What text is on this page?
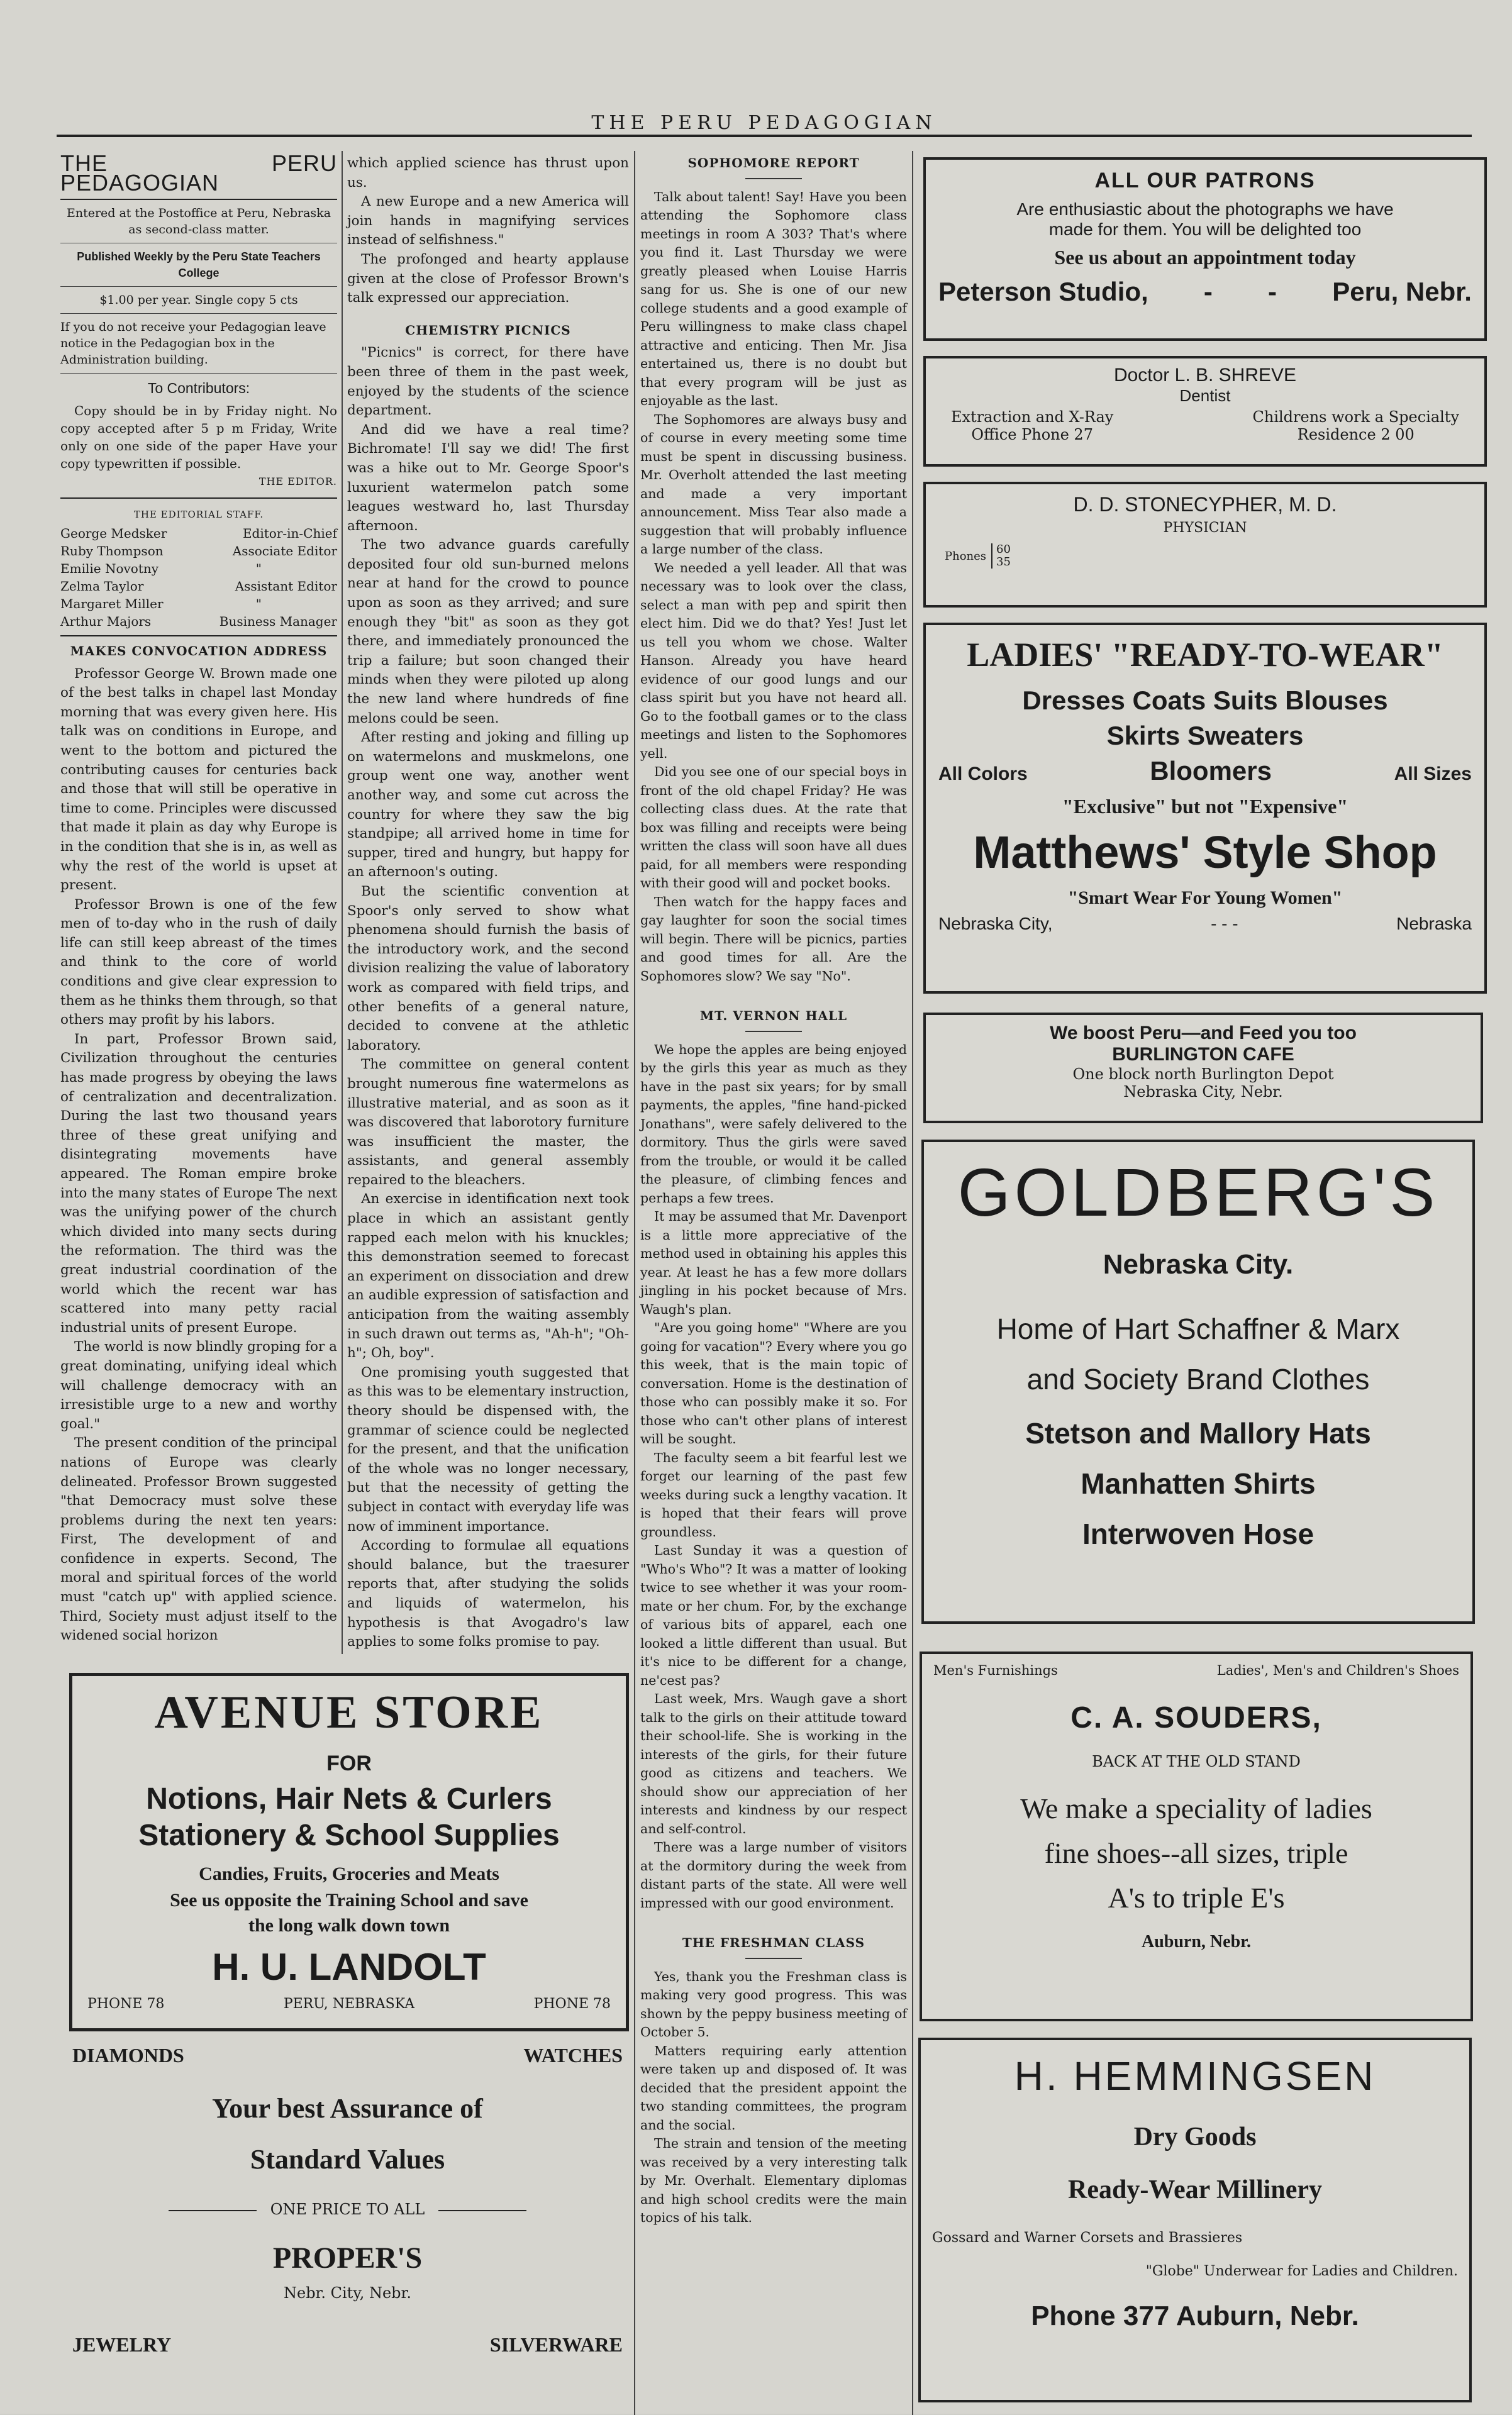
THE PERU PEDAGOGIAN
THE PERU PEDAGOGIAN
Entered at the Postoffice at Peru, Nebraska as second-class matter.
Published Weekly by the Peru State Teachers College
$1.00 per year. Single copy 5 cts
If you do not receive your Pedagogian leave notice in the Pedagogian box in the Administration building.
To Contributors:

Copy should be in by Friday night. No copy accepted after 5 p m Friday, Write only on one side of the paper Have your copy typewritten if possible.

THE EDITOR.
THE EDITORIAL STAFF.
George Medsker	Editor-in-Chief
Ruby Thompson	Associate Editor
Emilie Novotny	"
Zelma Taylor	Assistant Editor
Margaret Miller	"
Arthur Majors	Business Manager
MAKES CONVOCATION ADDRESS

Professor George W. Brown made one of the best talks in chapel last Monday morning that was every given here. His talk was on conditions in Europe, and went to the bottom and pictured the contributing causes for centuries back and those that will still be operative in time to come. Principles were discussed that made it plain as day why Europe is in the condition that she is in, as well as why the rest of the world is upset at present.

Professor Brown is one of the few men of to-day who in the rush of daily life can still keep abreast of the times and think to the core of world conditions and give clear expression to them as he thinks them through, so that others may profit by his labors.

In part, Professor Brown said, Civilization throughout the centuries has made progress by obeying the laws of centralization and decentralization. During the last two thousand years three of these great unifying and disintegrating movements have appeared. The Roman empire broke into the many states of Europe The next was the unifying power of the church which divided into many sects during the reformation. The third was the great industrial coordination of the world which the recent war has scattered into many petty racial industrial units of present Europe.

The world is now blindly groping for a great dominating, unifying ideal which will challenge democracy with an irresistible urge to a new and worthy goal."

The present condition of the principal nations of Europe was clearly delineated. Professor Brown suggested "that Democracy must solve these problems during the next ten years: First, The development of and confidence in experts. Second, The moral and spiritual forces of the world must "catch up" with applied science. Third, Society must adjust itself to the widened social horizon

which applied science has thrust upon us.

A new Europe and a new America will join hands in magnifying services instead of selfishness."

The profonged and hearty applause given at the close of Professor Brown's talk expressed our appreciation.

CHEMISTRY PICNICS

"Picnics" is correct, for there have been three of them in the past week, enjoyed by the students of the science department.

And did we have a real time? Bichromate! I'll say we did! The first was a hike out to Mr. George Spoor's luxurient watermelon patch some leagues westward ho, last Thursday afternoon.

The two advance guards carefully deposited four old sun-burned melons near at hand for the crowd to pounce upon as soon as they arrived; and sure enough they "bit" as soon as they got there, and immediately pronounced the trip a failure; but soon changed their minds when they were piloted up along the new land where hundreds of fine melons could be seen.

After resting and joking and filling up on watermelons and muskmelons, one group went one way, another went another way, and some cut across the country for where they saw the big standpipe; all arrived home in time for supper, tired and hungry, but happy for an afternoon's outing.

But the scientific convention at Spoor's only served to show what phenomena should furnish the basis of the introductory work, and the second division realizing the value of laboratory work as compared with field trips, and other benefits of a general nature, decided to convene at the athletic laboratory.

The committee on general content brought numerous fine watermelons as illustrative material, and as soon as it was discovered that laborotory furniture was insufficient the master, the assistants, and general assembly repaired to the bleachers.

An exercise in identification next took place in which an assistant gently rapped each melon with his knuckles; this demonstration seemed to forecast an experiment on dissociation and drew an audible expression of satisfaction and anticipation from the waiting assembly in such drawn out terms as, "Ah-h"; "Oh-h"; Oh, boy".

One promising youth suggested that as this was to be elementary instruction, theory should be dispensed with, the grammar of science could be neglected for the present, and that the unification of the whole was no longer necessary, but that the necessity of getting the subject in contact with everyday life was now of imminent importance.

According to formulae all equations should balance, but the traesurer reports that, after studying the solids and liquids of watermelon, his hypothesis is that Avogadro's law applies to some folks promise to pay.

SOPHOMORE REPORT

Talk about talent! Say! Have you been attending the Sophomore class meetings in room A 303? That's where you find it. Last Thursday we were greatly pleased when Louise Harris sang for us. She is one of our new college students and a good example of Peru willingness to make class chapel attractive and enticing. Then Mr. Jisa entertained us, there is no doubt but that every program will be just as enjoyable as the last.

The Sophomores are always busy and of course in every meeting some time must be spent in discussing business. Mr. Overholt attended the last meeting and made a very important announcement. Miss Tear also made a suggestion that will probably influence a large number of the class.

We needed a yell leader. All that was necessary was to look over the class, select a man with pep and spirit then elect him. Did we do that? Yes! Just let us tell you whom we chose. Walter Hanson. Already you have heard evidence of our good lungs and our class spirit but you have not heard all. Go to the football games or to the class meetings and listen to the Sophomores yell.

Did you see one of our special boys in front of the old chapel Friday? He was collecting class dues. At the rate that box was filling and receipts were being written the class will soon have all dues paid, for all members were responding with their good will and pocket books.

Then watch for the happy faces and gay laughter for soon the social times will begin. There will be picnics, parties and good times for all. Are the Sophomores slow? We say "No".

MT. VERNON HALL

We hope the apples are being enjoyed by the girls this year as much as they have in the past six years; for by small payments, the apples, "fine hand-picked Jonathans", were safely delivered to the dormitory. Thus the girls were saved from the trouble, or would it be called the pleasure, of climbing fences and perhaps a few trees.

It may be assumed that Mr. Davenport is a little more appreciative of the method used in obtaining his apples this year. At least he has a few more dollars jingling in his pocket because of Mrs. Waugh's plan.

"Are you going home" "Where are you going for vacation"? Every where you go this week, that is the main topic of conversation. Home is the destination of those who can possibly make it so. For those who can't other plans of interest will be sought.

The faculty seem a bit fearful lest we forget our learning of the past few weeks during suck a lengthy vacation. It is hoped that their fears will prove groundless.

Last Sunday it was a question of "Who's Who"? It was a matter of looking twice to see whether it was your room-mate or her chum. For, by the exchange of various bits of apparel, each one looked a little different than usual. But it's nice to be different for a change, ne'cest pas?

Last week, Mrs. Waugh gave a short talk to the girls on their attitude toward their school-life. She is working in the interests of the girls, for their future good as citizens and teachers. We should show our appreciation of her interests and kindness by our respect and self-control.

There was a large number of visitors at the dormitory during the week from distant parts of the state. All were well impressed with our good environment.

THE FRESHMAN CLASS

Yes, thank you the Freshman class is making very good progress. This was shown by the peppy business meeting of October 5.

Matters requiring early attention were taken up and disposed of. It was decided that the president appoint the two standing committees, the program and the social.

The strain and tension of the meeting was received by a very interesting talk by Mr. Overhalt. Elementary diplomas and high school credits were the main topics of his talk.

AVENUE STORE
FOR
Notions, Hair Nets & Curlers
Stationery & School Supplies
Candies, Fruits, Groceries and Meats
See us opposite the Training School and save
the long walk down town
H. U. LANDOLT
PHONE 78	PERU, NEBRASKA	PHONE 78
DIAMONDS	WATCHES
Your best Assurance of
Standard Values
ONE PRICE TO ALL
PROPER'S
Nebr. City, Nebr.
JEWELRY	SILVERWARE
ALL OUR PATRONS
Are enthusiastic about the photographs we have
made for them. You will be delighted too
See us about an appointment today
Peterson Studio, - - Peru, Nebr.
Doctor L. B. SHREVE
Dentist
Extraction and X-Ray
Office Phone 27
Childrens work a Specialty
Residence 2 00
D. D. STONECYPHER, M. D.
PHYSICIAN
Phones 60
35
LADIES' "READY-TO-WEAR"
Dresses Coats Suits Blouses
Skirts Sweaters
All Colors	Bloomers	All Sizes
"Exclusive" but not "Expensive"
Matthews' Style Shop
"Smart Wear For Young Women"
Nebraska City,	- - -	Nebraska
We boost Peru—and Feed you too
BURLINGTON CAFE
One block north Burlington Depot
Nebraska City, Nebr.
GOLDBERG'S
Nebraska City.
Home of Hart Schaffner & Marx
and Society Brand Clothes
Stetson and Mallory Hats
Manhatten Shirts
Interwoven Hose
Men's Furnishings	Ladies', Men's and Children's Shoes
C. A. SOUDERS,
BACK AT THE OLD STAND
We make a speciality of ladies
fine shoes--all sizes, triple
A's to triple E's
Auburn, Nebr.
H. HEMMINGSEN
Dry Goods
Ready-Wear Millinery
Gossard and Warner Corsets and Brassieres
"Globe" Underwear for Ladies and Children.
Phone 377 Auburn, Nebr.
